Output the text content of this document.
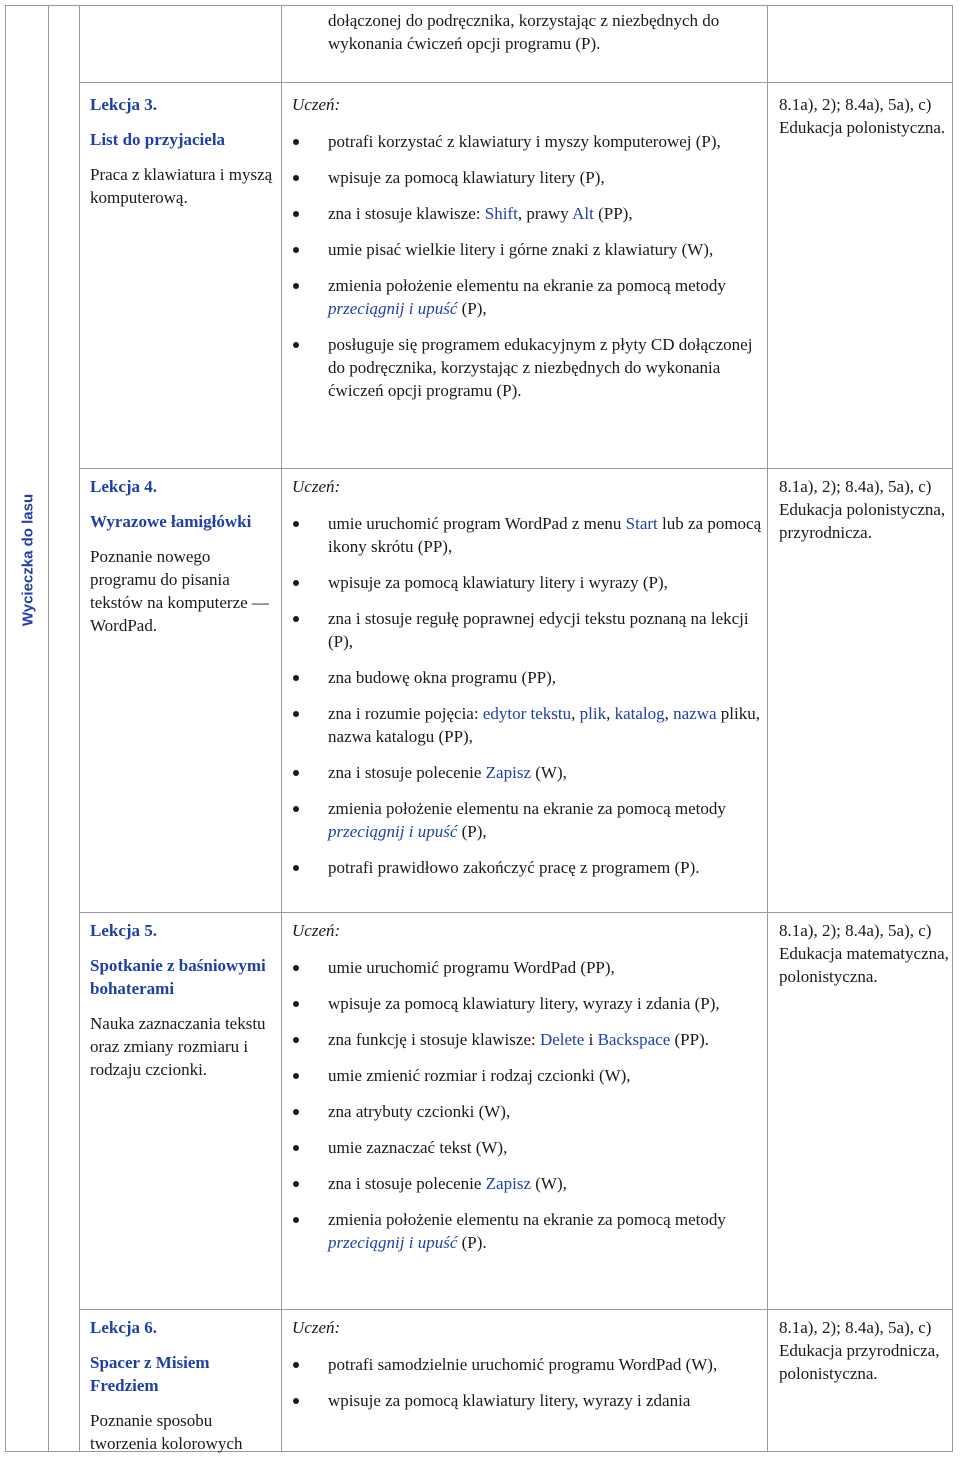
Wycieczka do lasu
dołączonej do podręcznika, korzystając z niezbędnych do wykonania ćwiczeń opcji programu (P).
Lekcja 3.
List do przyjaciela
Praca z klawiatura i myszą komputerową.
Uczeń:
potrafi korzystać z klawiatury i myszy komputerowej (P),
wpisuje za pomocą klawiatury litery (P),
zna i stosuje klawisze: Shift, prawy Alt (PP),
umie pisać wielkie litery i górne znaki z klawiatury (W),
zmienia położenie elementu na ekranie za pomocą metody przeciągnij i upuść (P),
posługuje się programem edukacyjnym z płyty CD dołączonej do podręcznika, korzystając z niezbędnych do wykonania ćwiczeń opcji programu (P).
8.1a), 2); 8.4a), 5a), c)
Edukacja polonistyczna.
Lekcja 4.
Wyrazowe łamigłówki
Poznanie nowego programu do pisania tekstów na komputerze — WordPad.
Uczeń:
umie uruchomić program WordPad z menu Start lub za pomocą ikony skrótu (PP),
wpisuje za pomocą klawiatury litery i wyrazy (P),
zna i stosuje regułę poprawnej edycji tekstu poznaną na lekcji (P),
zna budowę okna programu (PP),
zna i rozumie pojęcia: edytor tekstu, plik, katalog, nazwa pliku, nazwa katalogu (PP),
zna i stosuje polecenie Zapisz (W),
zmienia położenie elementu na ekranie za pomocą metody przeciągnij i upuść (P),
potrafi prawidłowo zakończyć pracę z programem (P).
8.1a), 2); 8.4a), 5a), c)
Edukacja polonistyczna, przyrodnicza.
Lekcja 5.
Spotkanie z baśniowymi bohaterami
Nauka zaznaczania tekstu oraz zmiany rozmiaru i rodzaju czcionki.
Uczeń:
umie uruchomić programu WordPad (PP),
wpisuje za pomocą klawiatury litery, wyrazy i zdania (P),
zna funkcję i stosuje klawisze: Delete i Backspace (PP).
umie zmienić rozmiar i rodzaj czcionki (W),
zna atrybuty czcionki (W),
umie zaznaczać tekst (W),
zna i stosuje polecenie Zapisz (W),
zmienia położenie elementu na ekranie za pomocą metody przeciągnij i upuść (P).
8.1a), 2); 8.4a), 5a), c)
Edukacja matematyczna, polonistyczna.
Lekcja 6.
Spacer z Misiem Fredziem
Poznanie sposobu tworzenia kolorowych
Uczeń:
potrafi samodzielnie uruchomić programu WordPad (W),
wpisuje za pomocą klawiatury litery, wyrazy i zdania
8.1a), 2); 8.4a), 5a), c)
Edukacja przyrodnicza, polonistyczna.
